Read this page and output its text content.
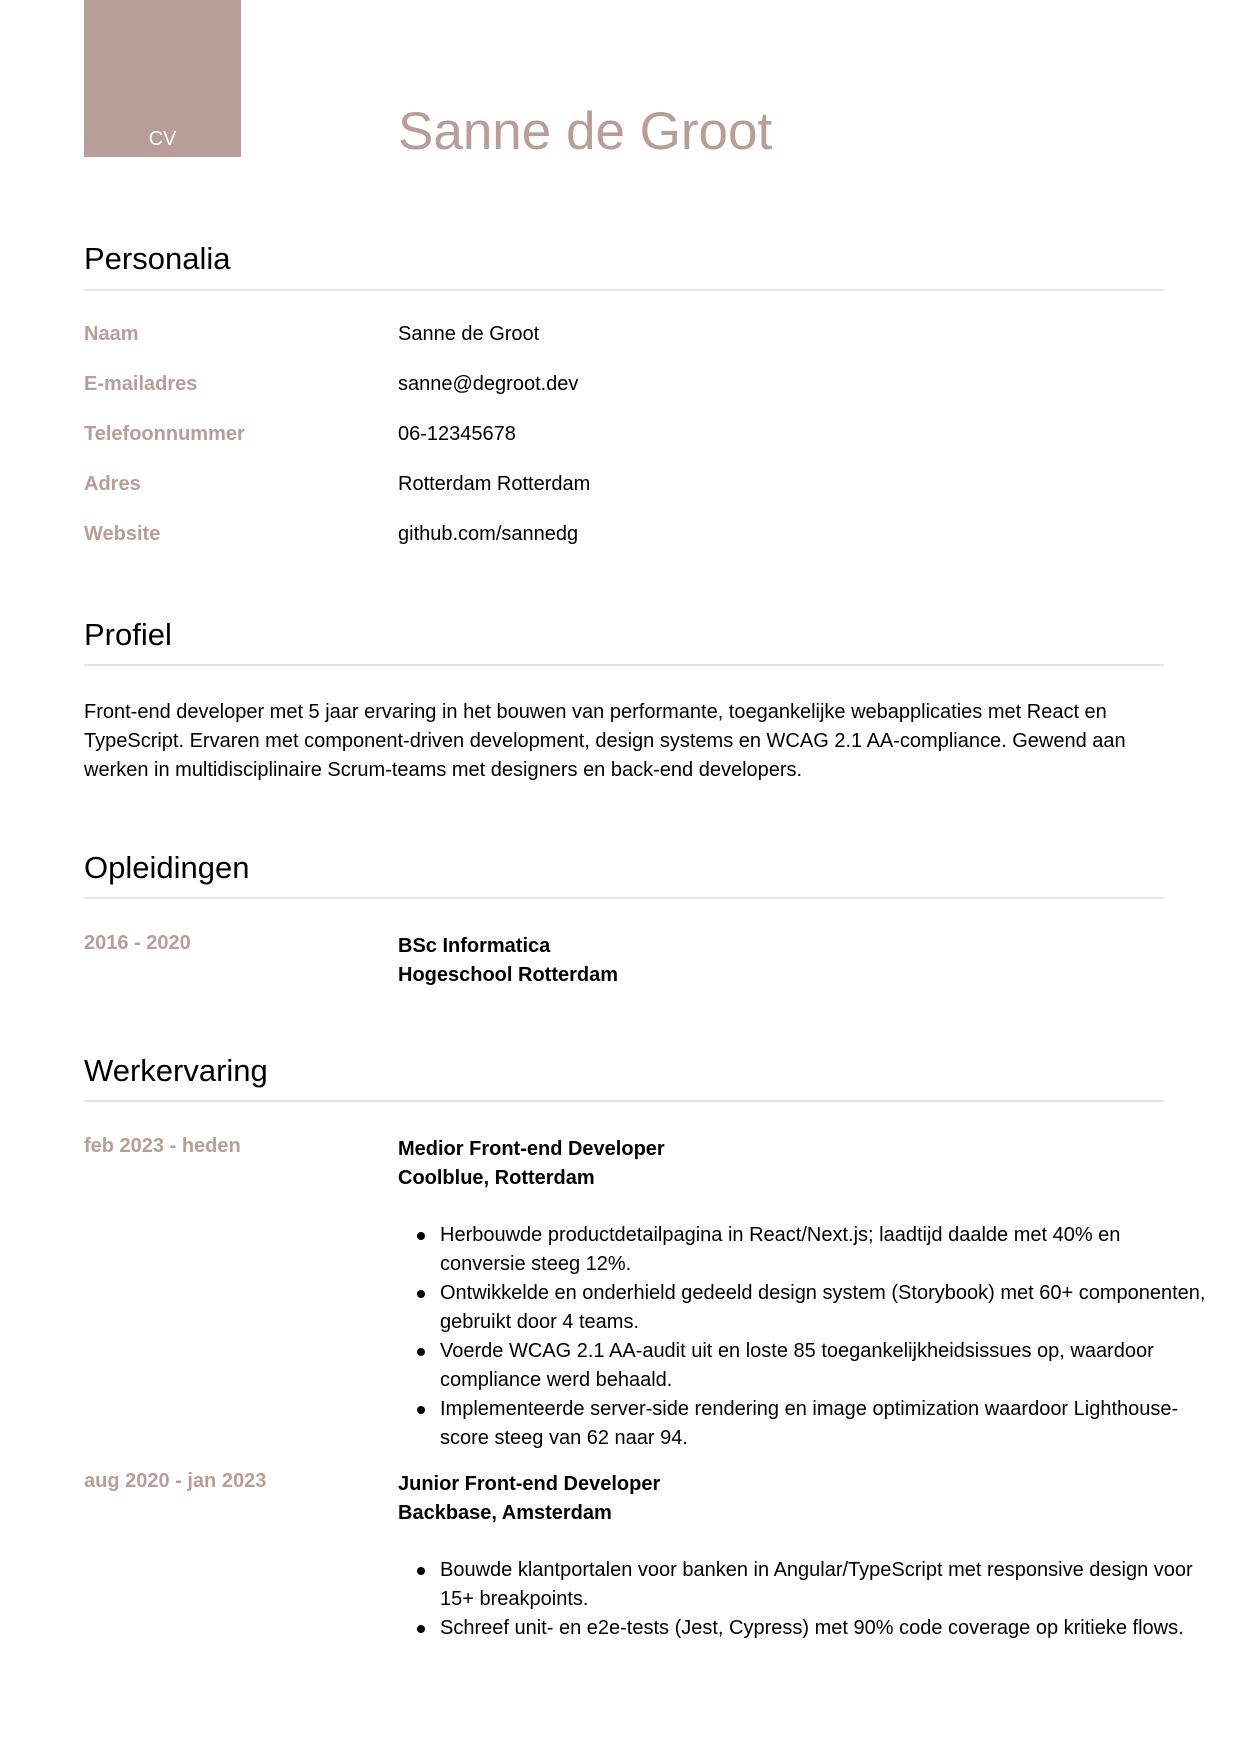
CV	Sanne de Groot
Personalia
Naam	Sanne de Groot
E-mailadres	sanne@degroot.dev
Telefoonnummer	06-12345678
Adres	Rotterdam Rotterdam
Website	github.com/sannedg
Profiel
Front-end developer met 5 jaar ervaring in het bouwen van performante, toegankelijke webapplicaties met React en TypeScript. Ervaren met component-driven development, design systems en WCAG 2.1 AA-compliance. Gewend aan werken in multidisciplinaire Scrum-teams met designers en back-end developers.
Opleidingen
2016 - 2020	BSc Informatica
Hogeschool Rotterdam
Werkervaring
feb 2023 - heden	Medior Front-end Developer
Coolblue, Rotterdam
Herbouwde productdetailpagina in React/Next.js; laadtijd daalde met 40% en conversie steeg 12%.
Ontwikkelde en onderhield gedeeld design system (Storybook) met 60+ componenten, gebruikt door 4 teams.
Voerde WCAG 2.1 AA-audit uit en loste 85 toegankelijkheidsissues op, waardoor compliance werd behaald.
Implementeerde server-side rendering en image optimization waardoor Lighthouse-score steeg van 62 naar 94.
aug 2020 - jan 2023	Junior Front-end Developer
Backbase, Amsterdam
Bouwde klantportalen voor banken in Angular/TypeScript met responsive design voor 15+ breakpoints.
Schreef unit- en e2e-tests (Jest, Cypress) met 90% code coverage op kritieke flows.
